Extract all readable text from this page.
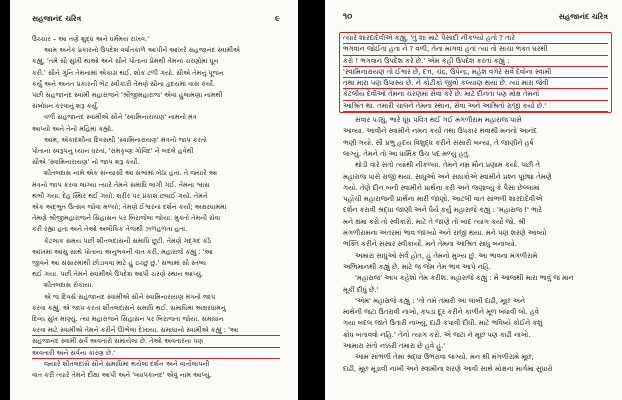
સહજાનંદ ચરિત્ર	૯
ઉચ્ચાર – આ તણે શુદ્ધ અને ધર્મમય રાખવ.'
આમ અનેક પ્રકારનો ઉપદેશ વર્ષાતકાળે આપીને આખરે સહજાનંદ સ્વામીએ
કહ્યું, 'તમે સૌ સુખી થાઓ અને સૌને પોતાના પ્રેમથી તેમનાં ચરણોમાં ધૂન
કરી.' સૌને ગુનિ તેમનામાં એકાગ્ર થઈ. શોક ટળી ગયો. સૌએ તેમનું પૂજન
કર્યું અને અનંત પ્રકારની ભેટ સ્વીકારી તેમણે સૌના હૃદયમાં વાસ કર્યો.
પછી સહજાનંદ સ્વામી મહારાજને 'શ્રીજીમહારાજ' એવા હુલામણા નામથી
સંબોધન કરવાનું શરૂ કર્યું.
વળી સહજાનંદ સ્વામીએ સૌને 'સ્વામિનારાયણ' નામનો મંત્ર
આપ્યો અને તેનો મહિમા કહ્યો.
આમ, એકાદશીના દિવસથી 'સ્વામિનારાયણ' મંત્રનો જાપ કરતો
પોતાના સ્વરૂપનું ધ્યાન ધરતાં, 'રામકૃષ્ણ ગોવિંદ' ને બદલે હવેથી
સૌએ 'સ્વામિનારાયણ' નો જાપ શરૂ કર્યો.
શીતલદાસ નામે એક સંન્યાસી આ સભામાં બેઠા હતા. તે જ્યારે આ
મંત્રનો જાપ કરવા લાગ્યા ત્યારે તેમને સમાધિ લાગી ગઈ. તેમના શ્વાસ
થંભી ગયા. દેહ સ્થિર થઈ ગયો. શરીર પર પ્રકાશ છવાઈ ગયો. તેમને
એક અદ્ભુત ઉત્સવ જોવા મળ્યો; તેમણે ઈશ્વરનાં દર્શન કર્યાં; અક્ષરધામમાં
તેમણે શ્રીજીમહારાજને સિંહાસન પર બિરાજેલા જોયા. મુક્તો તેમની સેવા
કરી રહ્યા હતા અને તેઓ અલૌકિક તેજથી ઝળહળતા હતા.
કેટલાક સમય પછી શીતલદાસની સમાધિ છૂટી. તેમણે ગદ્ગદ કંઠે
આંખમાં આંસુ સાથે પોતાના અનુભવની વાત કરી. મહારાજે કહ્યું : 'આ
જીવને આ સંસારમાંથી છોડાવવા માટે હું ઇચ્છું છું.' સભામાં સૌ સ્તબ્ધ
થઈ ગયા. પછી તેમને સ્વામીએ ઉપદેશ આપી ચરણે સ્થાન આપ્યું.
શીતલદાસ રોકાયા.
એ જ દિવસે સહજાનંદ સ્વામીએ સૌને સ્વામિનારાયણ મંત્રનો જાપ
કરવા કહ્યું. એ જાપ કરતાં શીતલદાસને સમાધિ થઈ. સમાધિમાં અક્ષરધામનું
દિવ્ય સુખ માણ્યું. ત્યાં મહારાજને સિંહાસન પર બિરાજતા જોયા. સમાધાન
કરવા માટે સ્વામીએ તેમને કરીને ઊભેલા દેખાયા. સમાધાનો સ્વામીએ કહ્યું : 'આ
સહજાનંદ સ્વામી સર્વે અવતારો સમાયેલા છે. તેઓ અવતારના પણ
અવતારી અને સર્વના કારણ છે.'
જ્યારે શીતલદાસે સૌને સમાધિમાં થયેલાં દર્શન અને વાર્તાલાપની
વાત કરી ત્યારે તેમને દીક્ષા આપી અને 'વ્યાપકાનંદ' એવું નામ આપ્યું.
૧૦	સહજાનંદ ચરિત્ર
ત્યારે શારદાદેવીએ કહ્યું, 'તું શા માટે પૈસાદી નીકળ્યો હતો ? તારે
ભગવાન જોઈતા હતા ને ? વળી, તેના માગવાં હતાં ત્યાં તો સાચા ભક્ત ઘરથી
કરો ! ભગવાન ઉપદેશ કરે છે.' એમ કહી ઉપદેશ કરતાં કહ્યું :
'સ્વામિનારાયણ તો ઈશ્વર છે, દત્ત, ચંદ્ર, ઉપેન્દ્ર, મહેશ વગેરે સર્વે દેવોના સ્વામી
તથા મારા પણ ઉપાસ્ય છે. ને કોટીકો જીવો કલ્યાણ થયાં છે. ત્યાં મારા જેવી
કેટલીય દેવીઓ તેમના ચરણમાં સેવા કરે છે. માટે દીનતા પણ મોક્ષ તેમનો
આશ્રિત થા. તમારી ચાલને તેમના સ્થાન, સેવા અને આશ્રિતો રાજી કર્યા છે.'
સવાર પડ્યું, ભારે ધૂંધ પવિત્ર થઈ ગઈ મંગળીરામ મહારાજ પાસે
આવ્યા. આવીને સ્વામીને નમન કર્યાં તથા ઉપકાર થવાથી મનનો આનંદ
ભણી ગયો. સૌ પ્રભુ હૃદય વિશુદ્ધ કરીને સંસારી બન્યા, તે જાણીને હર્ષ
લાગ્યું. તેમને તો આ ધાર્મિક ઉંચ પદ મળ્યું હતું.
થોડી વારે સંતો ત્યાંથી નીકળ્યા. તેમને નમ્ર મૌન પ્રણામ કર્યા. પછી તે
મહારાજ પાસે રાજી થયા. સાધુઓ અને સાધકોએ સ્વામીને પ્રશ્ન પૂછ્યા તેમણે
ગયો. તેણે દીન બની સ્વામીને પ્રાર્થના કરી અને જણાવ્યું કે પૈસા છેલ્લામાં
પહોંચી મહારાજની પ્રાર્થના મારી જાણો. આટલી વાત સાંભળી શારદાદેવીએ
દર્શન કરાવી શ્રદ્ધા જાણી અને ધૈર્ય કર્યું મહારાજે કહ્યું : 'મહારાજ !' ભારે
મને ક્ષમા કરો તો સ્વીકારો. માટે તે જાણે તો બાદ ત્યાગ કર્યો જો. શ્રી
મંગળીરામના અંતરમાં ભાવ જાગ્યો અને રાજી થયા. મને પણ શરણે આવ્યો
ભક્તિ કરીને સંસાર સ્વીકાર્યો. મને તેમના આશ્રિત સાધુ બનાવ્યો.
અમારા સાધુઓ સર્વ હોત, હું તેમનો મુખ્ય છું. આ ભાવના મંગળીરામે
અભિમાનથી કહ્યું છે. માટે જ જેમ તેમ ભાવ આપે નહિ.
'મહારાજ' આપ કહેશો તેમ કરીશ. મહારાજે કહ્યું : મેં આજથી મારા ભાવું જ માન
મૂકી દીધું છે.'
'એમ' મહારાજે કહ્યું : 'તો તમે તમારી આ લાંબી દાઢી, મૂછ અને
માથેની જટા ઉતરાવી નાખો, કપડાં દૂર કરીને કાળીને મૂળ બંધાવી લો. હવે
ગયા બદલ જાતે ઉતારી નાખ્યું, દાઢી કપાવી દીધી. માટે ભવિષ્યે કોઈને કશું
ક્રોધ બતાવવો નહિ.' તેનો ત્યાગ કરો. એ જટા ને મૂછ પણ કાઢી નાખો.
આમારા સંતો નક્કરી તમારા છે હવે હું.'
આમ સાંભળી તેમાં શ્રદ્ધા ઉભરાવા લાગ્યો. મન થી મંગળીરામે મૂછ,
દાઢી, મૂછ મૂંડાવી નાખી અને સ્વામીના શરણે આવી સાથે મોક્ષના માર્ગમાં સુધારો
